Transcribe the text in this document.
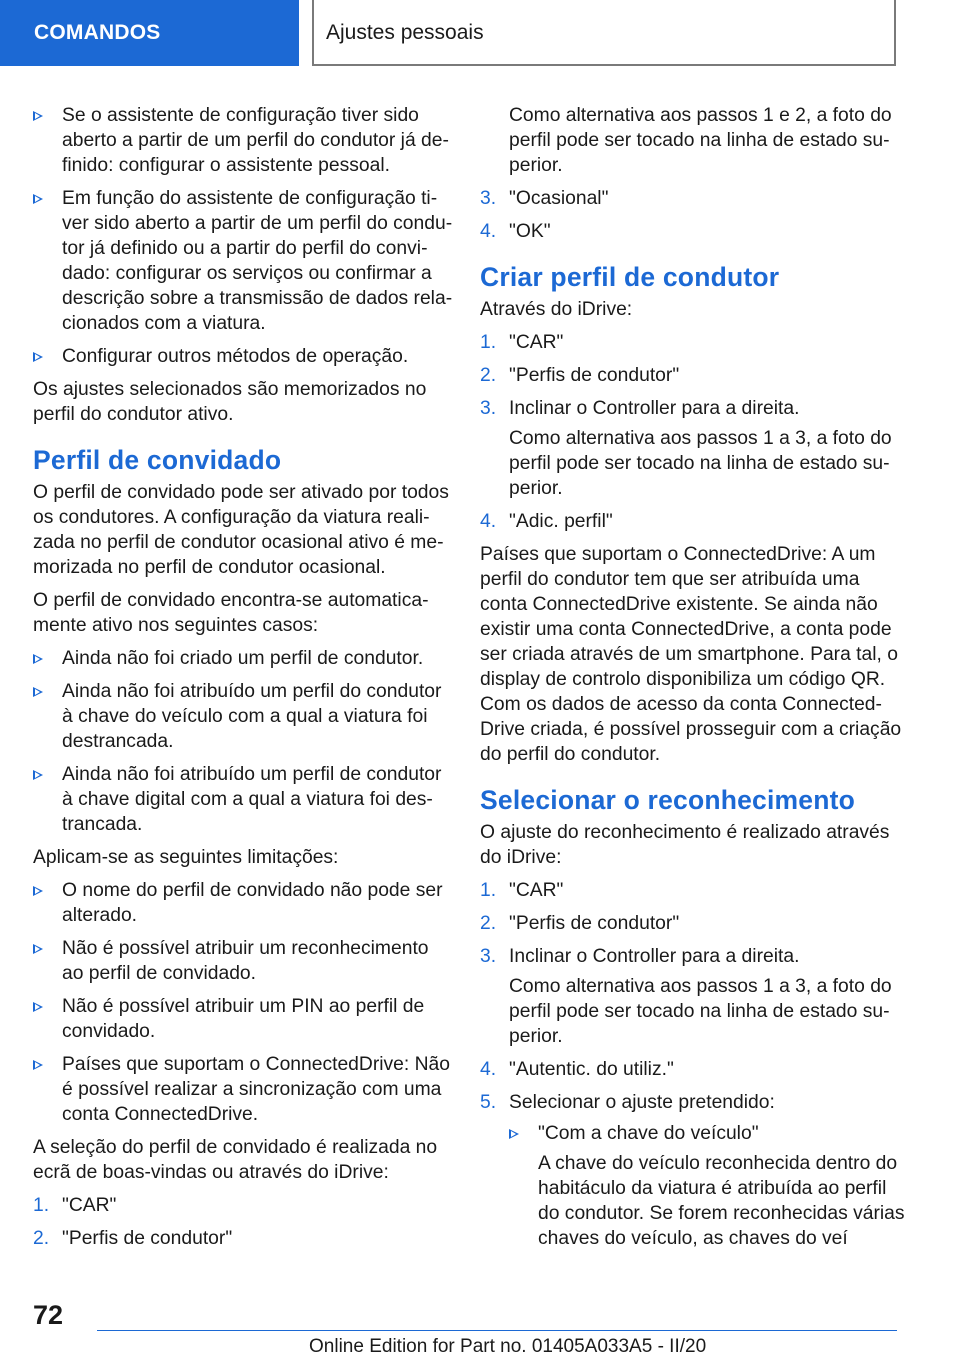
COMANDOS	Ajustes pessoais
Se o assistente de configuração tiver sido aberto a partir de um perfil do condutor já definido: configurar o assistente pessoal.
Em função do assistente de configuração tiver sido aberto a partir de um perfil do condutor já definido ou a partir do perfil do convidado: configurar os serviços ou confirmar a descrição sobre a transmissão de dados relacionados com a viatura.
Configurar outros métodos de operação.
Os ajustes selecionados são memorizados no perfil do condutor ativo.
Perfil de convidado
O perfil de convidado pode ser ativado por todos os condutores. A configuração da viatura realizada no perfil de condutor ocasional ativo é memorizada no perfil de condutor ocasional.
O perfil de convidado encontra-se automaticamente ativo nos seguintes casos:
Ainda não foi criado um perfil de condutor.
Ainda não foi atribuído um perfil do condutor à chave do veículo com a qual a viatura foi destrancada.
Ainda não foi atribuído um perfil de condutor à chave digital com a qual a viatura foi destrancada.
Aplicam-se as seguintes limitações:
O nome do perfil de convidado não pode ser alterado.
Não é possível atribuir um reconhecimento ao perfil de convidado.
Não é possível atribuir um PIN ao perfil de convidado.
Países que suportam o ConnectedDrive: Não é possível realizar a sincronização com uma conta ConnectedDrive.
A seleção do perfil de convidado é realizada no ecrã de boas-vindas ou através do iDrive:
1. "CAR"
2. "Perfis de condutor"
Como alternativa aos passos 1 e 2, a foto do perfil pode ser tocado na linha de estado superior.
3. "Ocasional"
4. "OK"
Criar perfil de condutor
Através do iDrive:
1. "CAR"
2. "Perfis de condutor"
3. Inclinar o Controller para a direita.
Como alternativa aos passos 1 a 3, a foto do perfil pode ser tocado na linha de estado superior.
4. "Adic. perfil"
Países que suportam o ConnectedDrive: A um perfil do condutor tem que ser atribuída uma conta ConnectedDrive existente. Se ainda não existir uma conta ConnectedDrive, a conta pode ser criada através de um smartphone. Para tal, o display de controlo disponibiliza um código QR. Com os dados de acesso da conta ConnectedDrive criada, é possível prosseguir com a criação do perfil do condutor.
Selecionar o reconhecimento
O ajuste do reconhecimento é realizado através do iDrive:
1. "CAR"
2. "Perfis de condutor"
3. Inclinar o Controller para a direita.
Como alternativa aos passos 1 a 3, a foto do perfil pode ser tocado na linha de estado superior.
4. "Autentic. do utiliz."
5. Selecionar o ajuste pretendido:
"Com a chave do veículo"
A chave do veículo reconhecida dentro do habitáculo da viatura é atribuída ao perfil do condutor. Se forem reconhecidas várias chaves do veículo, as chaves do veí
72
Online Edition for Part no. 01405A033A5 - II/20
